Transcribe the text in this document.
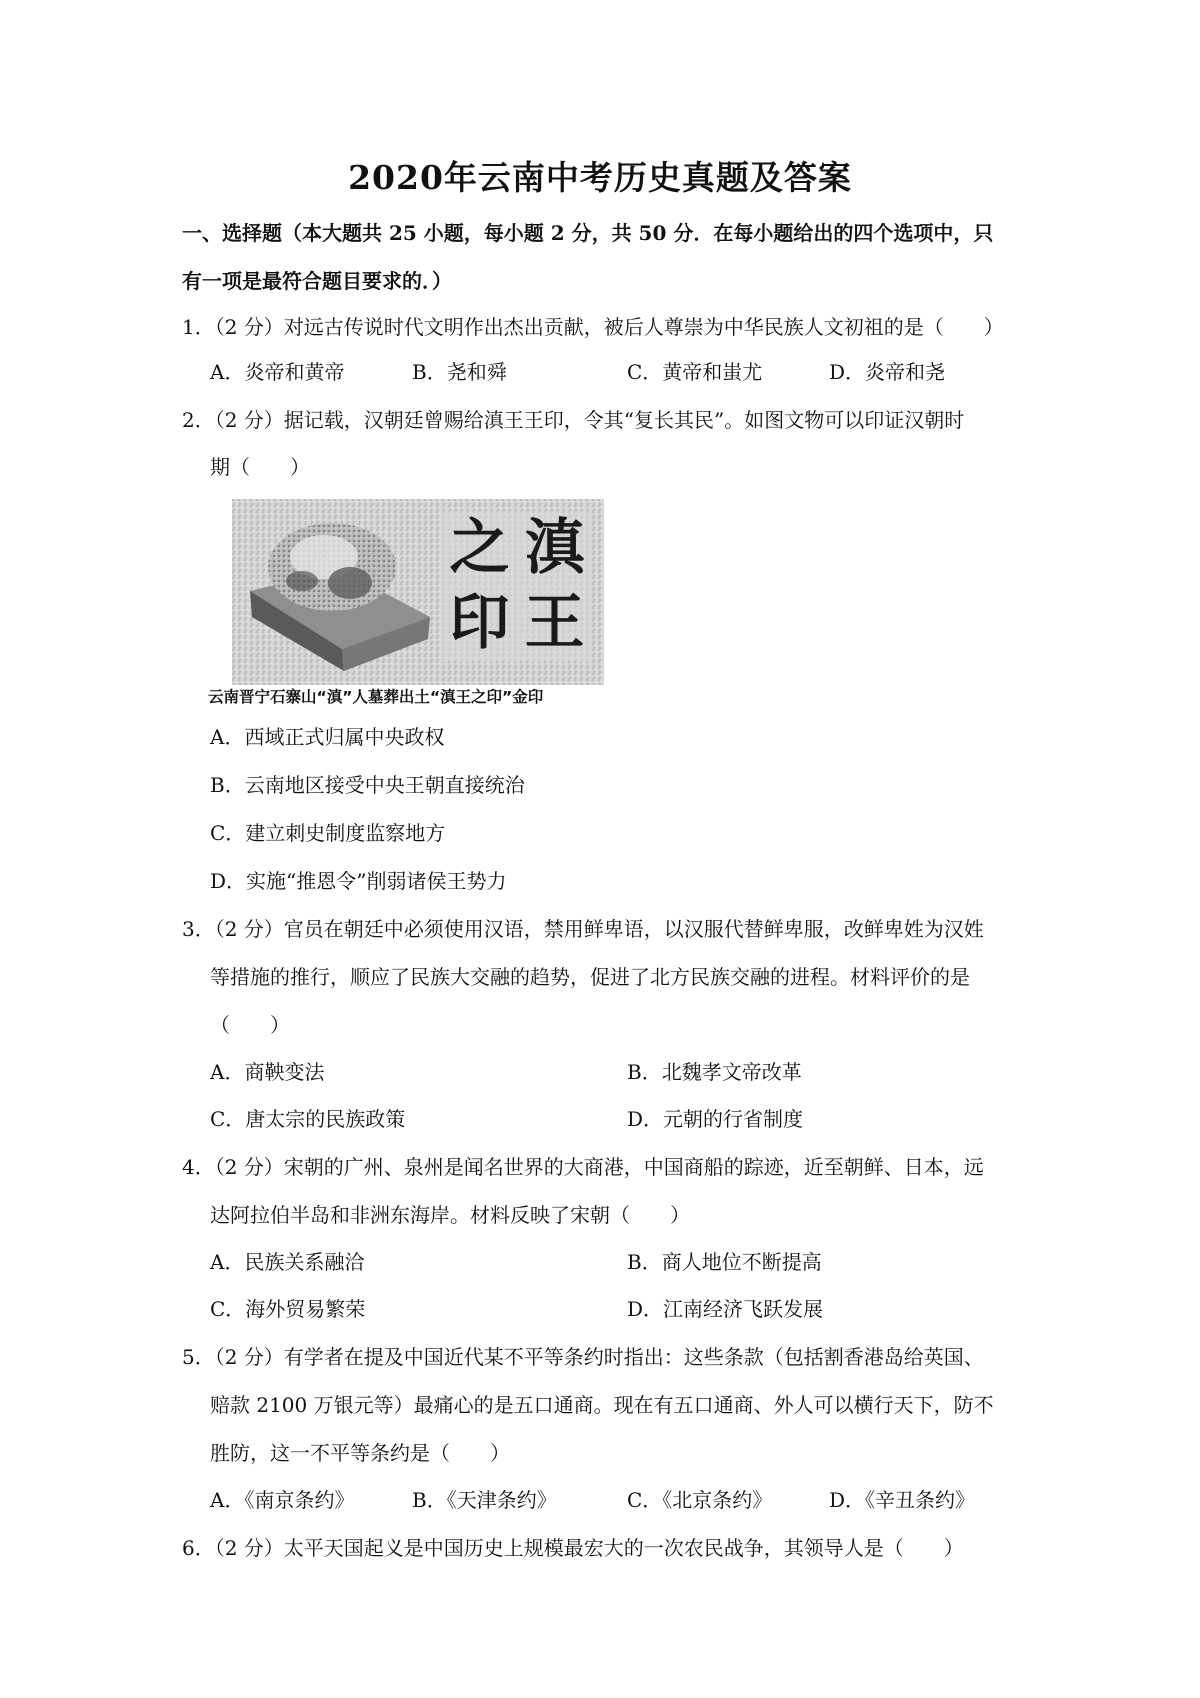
2020年云南中考历史真题及答案
一、选择题（本大题共 25 小题，每小题 2 分，共 50 分．在每小题给出的四个选项中，只
有一项是最符合题目要求的．）
1．（2 分）对远古传说时代文明作出杰出贡献，被后人尊崇为中华民族人文初祖的是（　　）
A．炎帝和黄帝	B．尧和舜	C．黄帝和蚩尤	D．炎帝和尧
2．（2 分）据记载，汉朝廷曾赐给滇王王印，令其“复长其民”。如图文物可以印证汉朝时
期（　　）
之 滇
印 王
云南晋宁石寨山“滇”人墓葬出土“滇王之印”金印
A．西域正式归属中央政权
B．云南地区接受中央王朝直接统治
C．建立刺史制度监察地方
D．实施“推恩令”削弱诸侯王势力
3．（2 分）官员在朝廷中必须使用汉语，禁用鲜卑语，以汉服代替鲜卑服，改鲜卑姓为汉姓
等措施的推行，顺应了民族大交融的趋势，促进了北方民族交融的进程。材料评价的是
（　　）
A．商鞅变法	B．北魏孝文帝改革
C．唐太宗的民族政策	D．元朝的行省制度
4．（2 分）宋朝的广州、泉州是闻名世界的大商港，中国商船的踪迹，近至朝鲜、日本，远
达阿拉伯半岛和非洲东海岸。材料反映了宋朝（　　）
A．民族关系融洽	B．商人地位不断提高
C．海外贸易繁荣	D．江南经济飞跃发展
5．（2 分）有学者在提及中国近代某不平等条约时指出：这些条款（包括割香港岛给英国、
赔款 2100 万银元等）最痛心的是五口通商。现在有五口通商、外人可以横行天下，防不
胜防，这一不平等条约是（　　）
A．《南京条约》	B．《天津条约》	C．《北京条约》	D．《辛丑条约》
6．（2 分）太平天国起义是中国历史上规模最宏大的一次农民战争，其领导人是（　　）
